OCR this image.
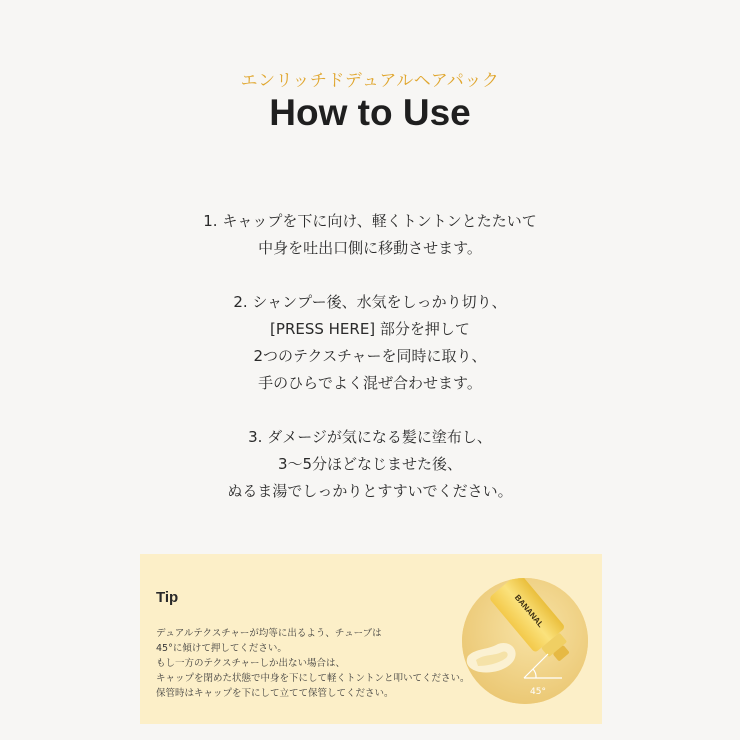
エンリッチドデュアルヘアパック
How to Use
1. キャップを下に向け、軽くトントンとたたいて
中身を吐出口側に移動させます。
2. シャンプー後、水気をしっかり切り、
[PRESS HERE] 部分を押して
2つのテクスチャーを同時に取り、
手のひらでよく混ぜ合わせます。
3. ダメージが気になる髪に塗布し、
3～5分ほどなじませた後、
ぬるま湯でしっかりとすすいでください。
Tip
デュアルテクスチャーが均等に出るよう、チューブは
45°に傾けて押してください。
もし一方のテクスチャーしか出ない場合は、
キャップを閉めた状態で中身を下にして軽くトントンと叩いてください。
保管時はキャップを下にして立てて保管してください。
BANANAL
45°
